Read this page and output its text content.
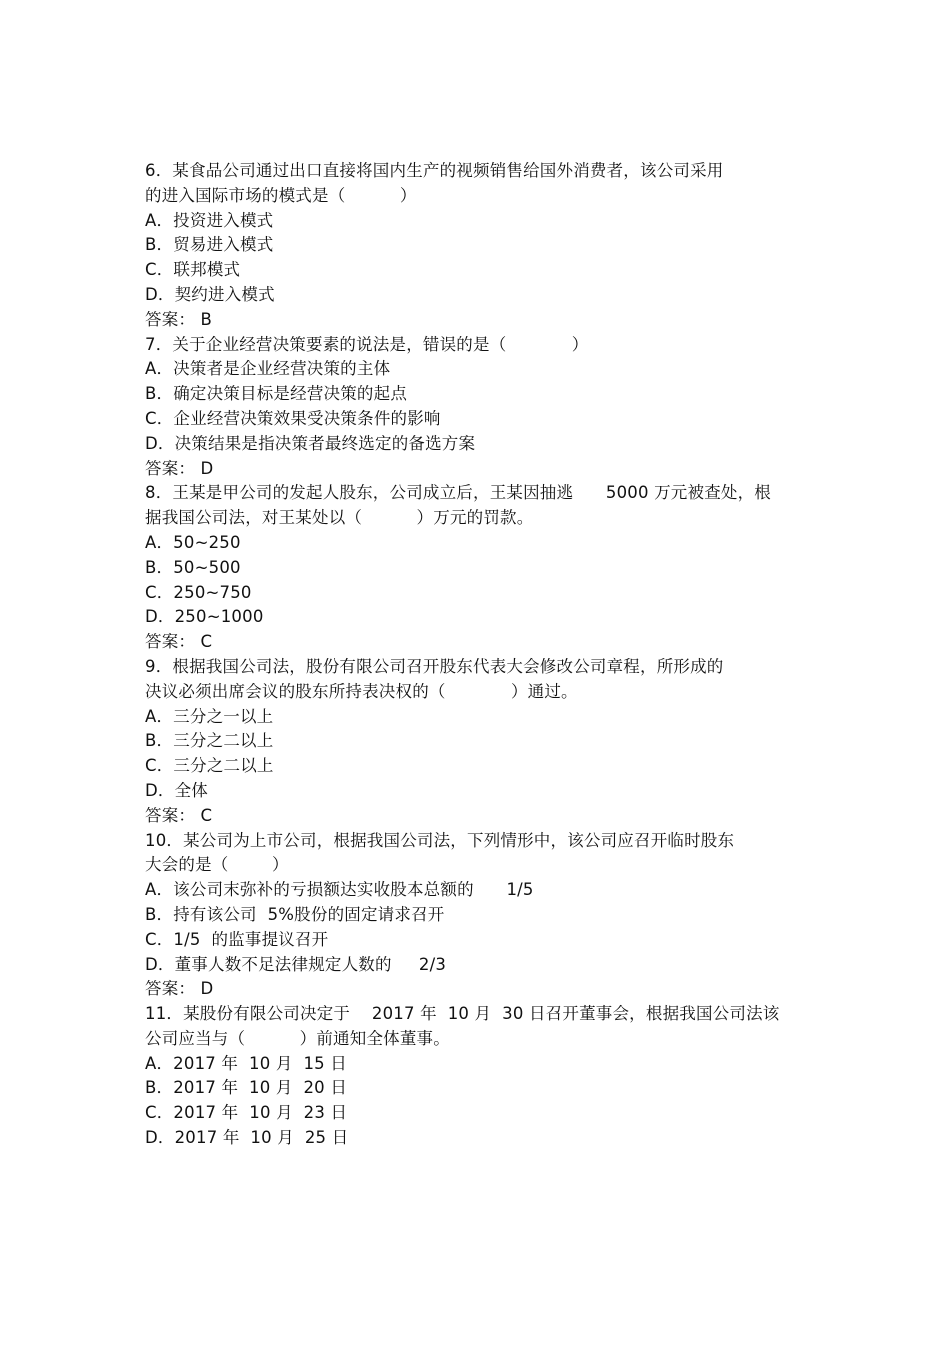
6．某食品公司通过出口直接将国内生产的视频销售给国外消费者，该公司采用
的进入国际市场的模式是（          ）
A．投资进入模式
B．贸易进入模式
C．联邦模式
D．契约进入模式
答案： B
7．关于企业经营决策要素的说法是，错误的是（            ）
A．决策者是企业经营决策的主体
B．确定决策目标是经营决策的起点
C．企业经营决策效果受决策条件的影响
D．决策结果是指决策者最终选定的备选方案
答案： D
8．王某是甲公司的发起人股东，公司成立后，王某因抽逃      5000 万元被查处，根
据我国公司法，对王某处以（          ）万元的罚款。
A．50~250
B．50~500
C．250~750
D．250~1000
答案： C
9．根据我国公司法，股份有限公司召开股东代表大会修改公司章程，所形成的
决议必须出席会议的股东所持表决权的（            ）通过。
A．三分之一以上
B．三分之二以上
C．三分之二以上
D．全体
答案： C
10．某公司为上市公司，根据我国公司法，下列情形中，该公司应召开临时股东
大会的是（        ）
A．该公司末弥补的亏损额达实收股本总额的      1/5
B．持有该公司  5%股份的固定请求召开
C．1/5  的监事提议召开
D．董事人数不足法律规定人数的     2/3
答案： D
11．某股份有限公司决定于    2017 年  10 月  30 日召开董事会，根据我国公司法该
公司应当与（          ）前通知全体董事。
A．2017 年  10 月  15 日
B．2017 年  10 月  20 日
C．2017 年  10 月  23 日
D．2017 年  10 月  25 日
